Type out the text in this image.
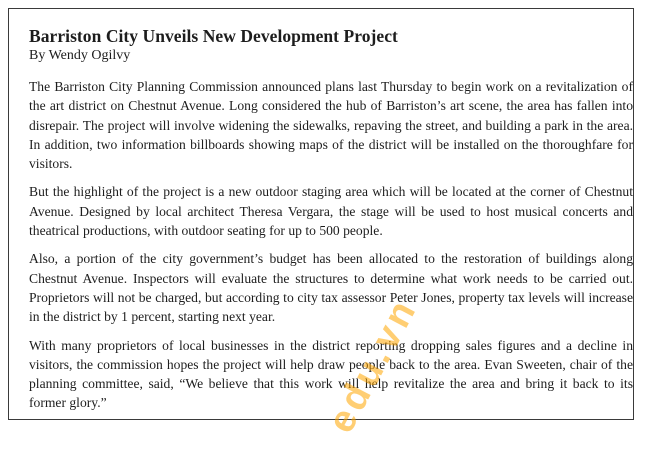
Barriston City Unveils New Development Project
By Wendy Ogilvy

The Barriston City Planning Commission announced plans last Thursday to begin work on a revitalization of the art district on Chestnut Avenue. Long considered the hub of Barriston’s art scene, the area has fallen into disrepair. The project will involve widening the sidewalks, repaving the street, and building a park in the area. In addition, two information billboards showing maps of the district will be installed on the thoroughfare for visitors.

But the highlight of the project is a new outdoor staging area which will be located at the corner of Chestnut Avenue. Designed by local architect Theresa Vergara, the stage will be used to host musical concerts and theatrical productions, with outdoor seating for up to 500 people.

Also, a portion of the city government’s budget has been allocated to the restoration of buildings along Chestnut Avenue. Inspectors will evaluate the structures to determine what work needs to be carried out. Proprietors will not be charged, but according to city tax assessor Peter Jones, property tax levels will increase in the district by 1 percent, starting next year.

With many proprietors of local businesses in the district reporting dropping sales figures and a decline in visitors, the commission hopes the project will help draw people back to the area. Evan Sweeten, chair of the planning committee, said, “We believe that this work will help revitalize the area and bring it back to its former glory.”	edu.vn
